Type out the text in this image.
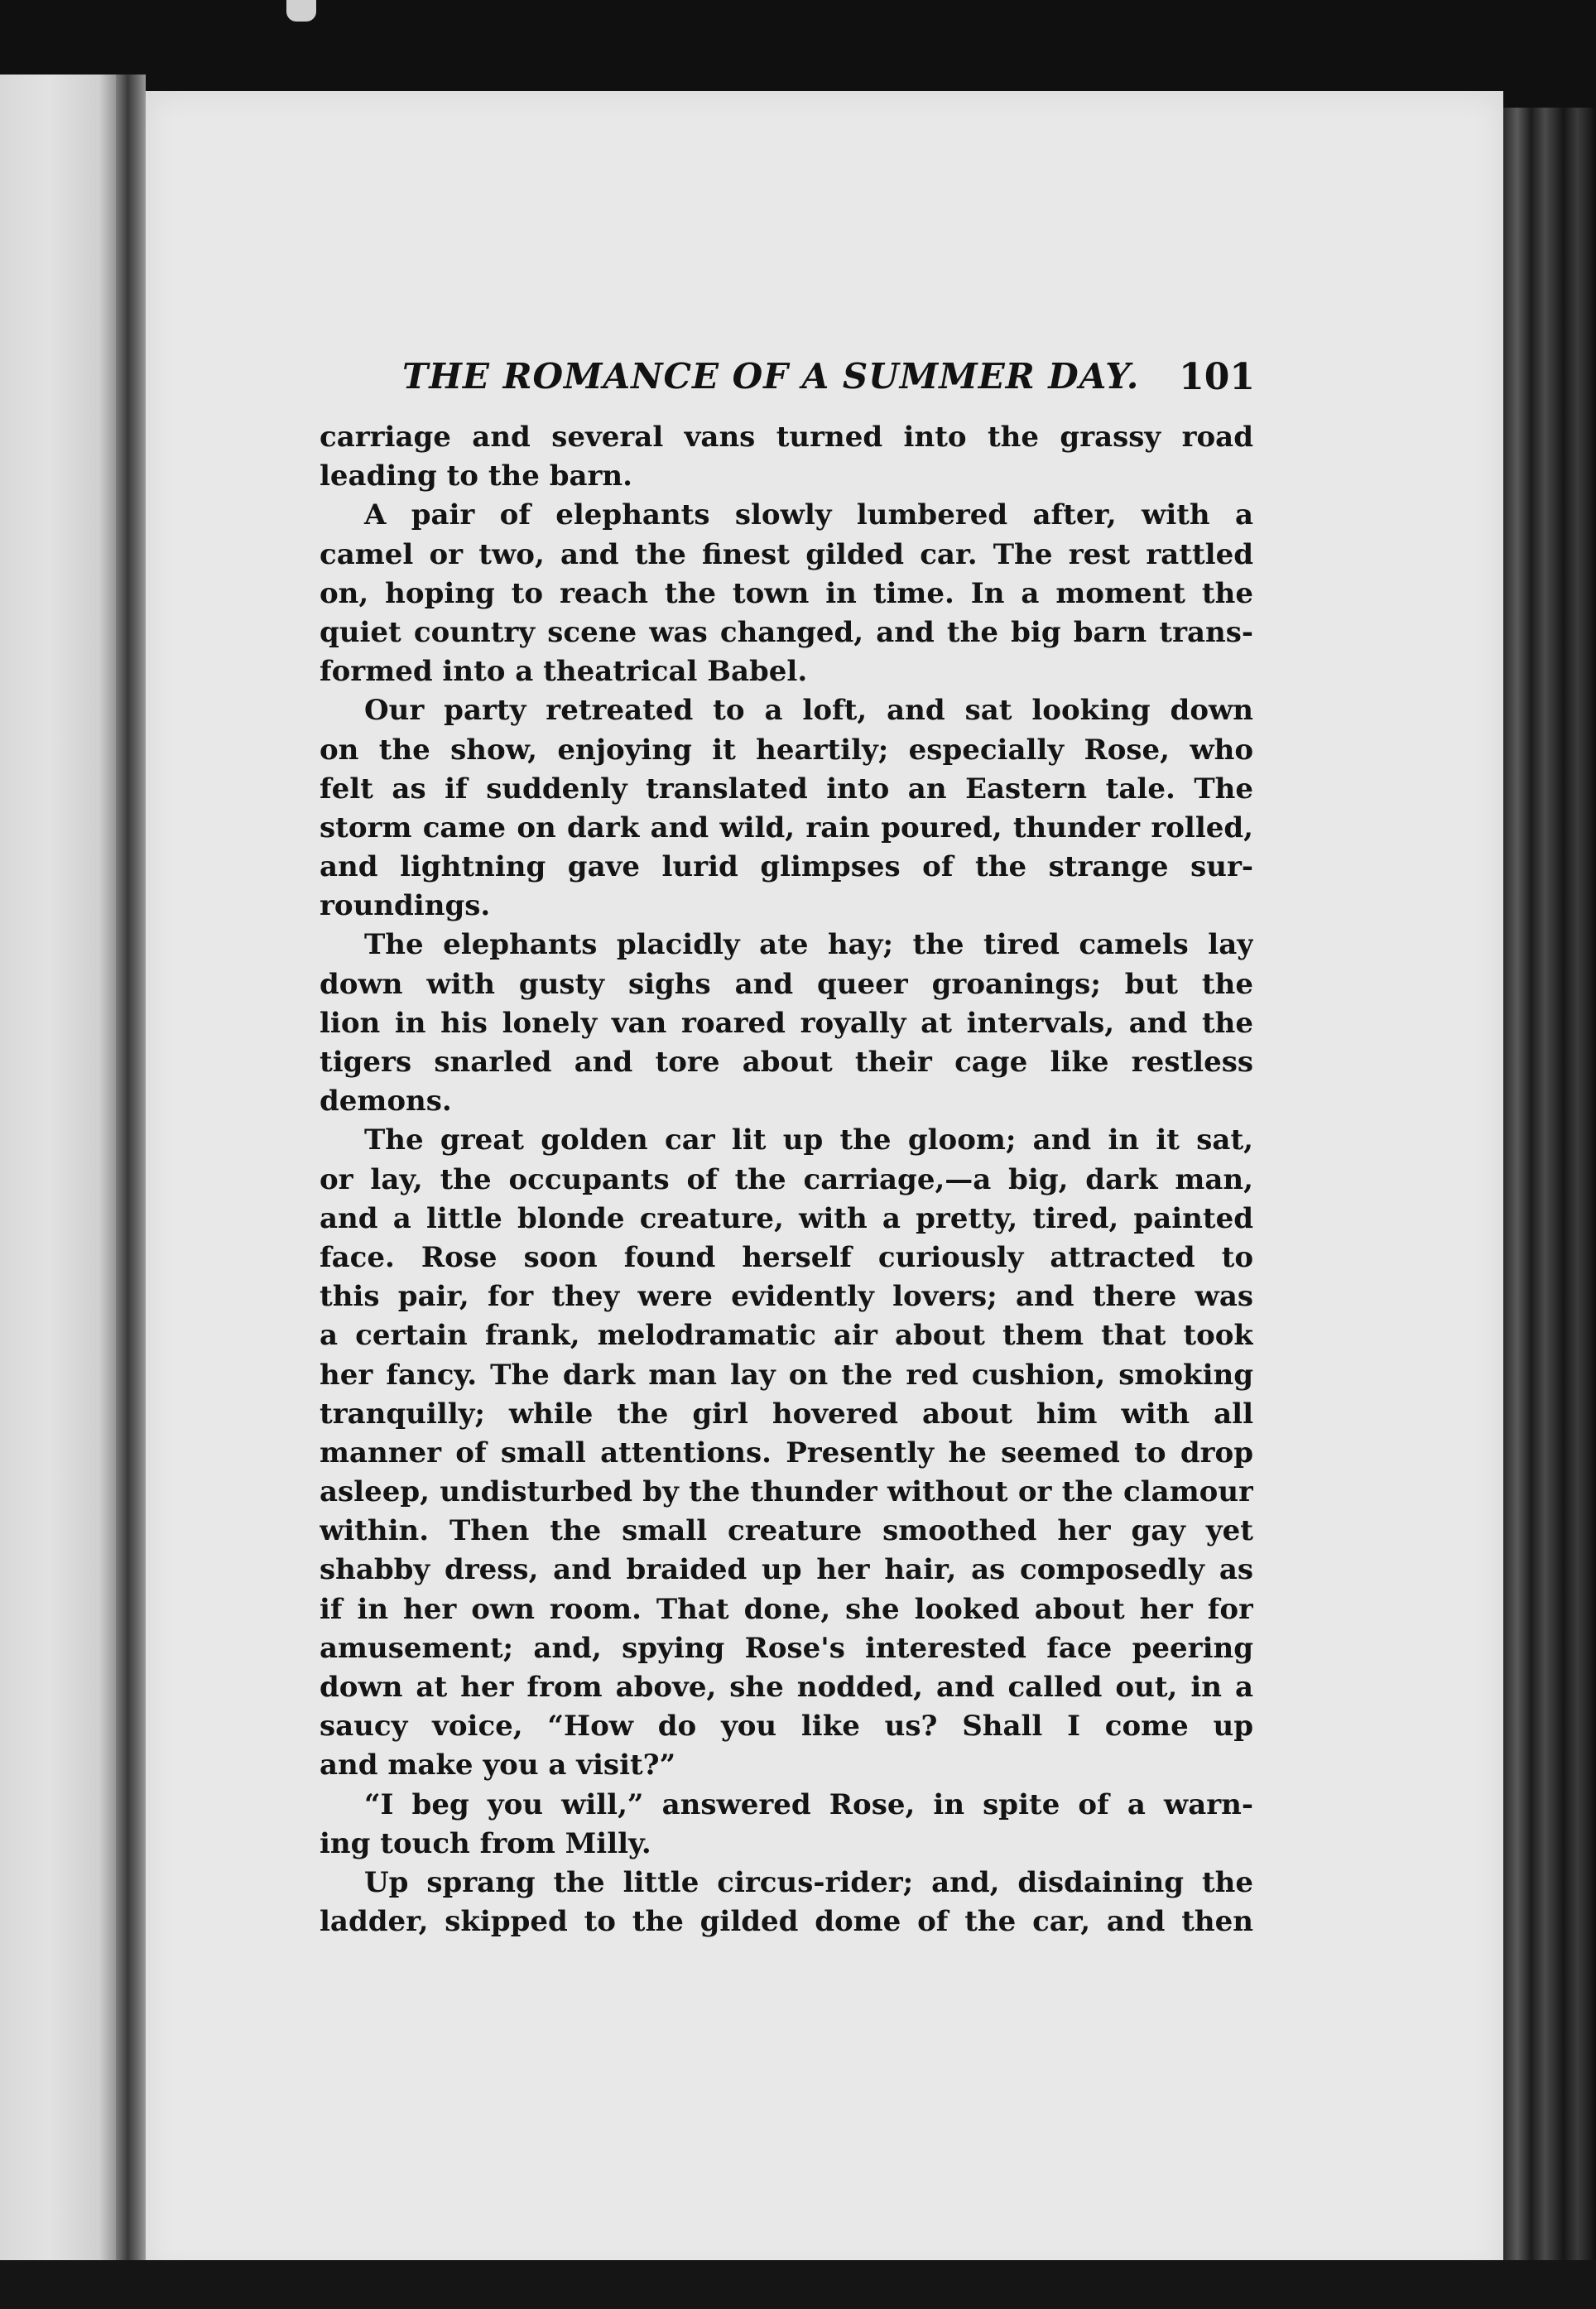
THE ROMANCE OF A SUMMER DAY. 101
carriage and several vans turned into the grassy road
leading to the barn.
A pair of elephants slowly lumbered after, with a
camel or two, and the finest gilded car. The rest rattled
on, hoping to reach the town in time. In a moment the
quiet country scene was changed, and the big barn trans-
formed into a theatrical Babel.
Our party retreated to a loft, and sat looking down
on the show, enjoying it heartily; especially Rose, who
felt as if suddenly translated into an Eastern tale. The
storm came on dark and wild, rain poured, thunder rolled,
and lightning gave lurid glimpses of the strange sur-
roundings.
The elephants placidly ate hay; the tired camels lay
down with gusty sighs and queer groanings; but the
lion in his lonely van roared royally at intervals, and the
tigers snarled and tore about their cage like restless
demons.
The great golden car lit up the gloom; and in it sat,
or lay, the occupants of the carriage,—a big, dark man,
and a little blonde creature, with a pretty, tired, painted
face. Rose soon found herself curiously attracted to
this pair, for they were evidently lovers; and there was
a certain frank, melodramatic air about them that took
her fancy. The dark man lay on the red cushion, smoking
tranquilly; while the girl hovered about him with all
manner of small attentions. Presently he seemed to drop
asleep, undisturbed by the thunder without or the clamour
within. Then the small creature smoothed her gay yet
shabby dress, and braided up her hair, as composedly as
if in her own room. That done, she looked about her for
amusement; and, spying Rose's interested face peering
down at her from above, she nodded, and called out, in a
saucy voice, “How do you like us? Shall I come up
and make you a visit?”
“I beg you will,” answered Rose, in spite of a warn-
ing touch from Milly.
Up sprang the little circus-rider; and, disdaining the
ladder, skipped to the gilded dome of the car, and then
